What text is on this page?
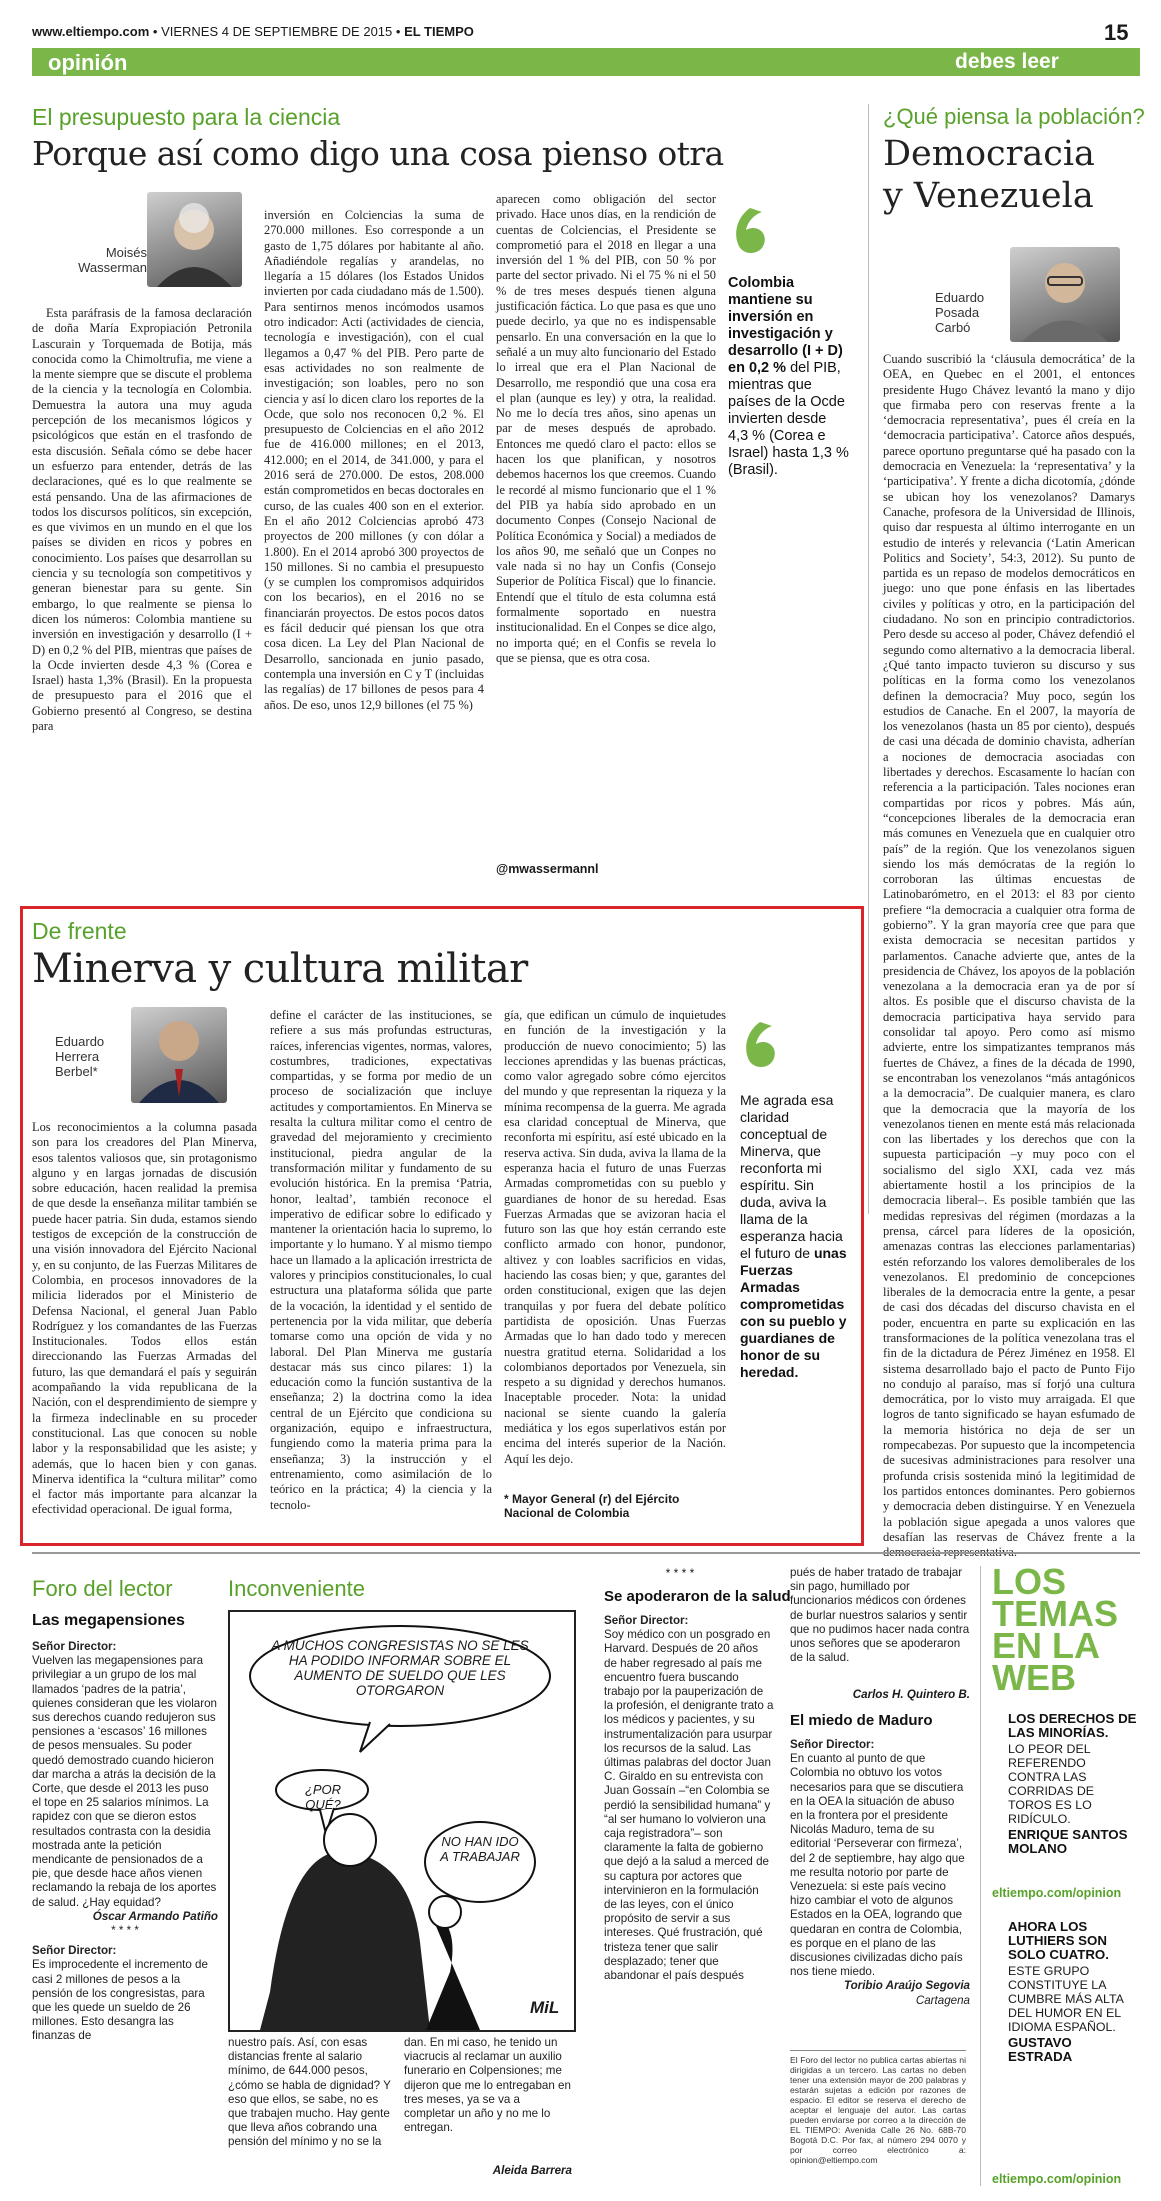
www.eltiempo.com • VIERNES 4 DE SEPTIEMBRE DE 2015 • EL TIEMPO	15
opinión	debes leer
El presupuesto para la ciencia
Porque así como digo una cosa pienso otra
Moisés Wasserman
Esta paráfrasis de la famosa declaración de doña María Expropiación Petronila Lascurain y Torquemada de Botija, más conocida como la Chimoltrufia, me viene a la mente siempre que se discute el problema de la ciencia y la tecnología en Colombia. Demuestra la autora una muy aguda percepción de los mecanismos lógicos y psicológicos que están en el trasfondo de esta discusión. Señala cómo se debe hacer un esfuerzo para entender, detrás de las declaraciones, qué es lo que realmente se está pensando. Una de las afirmaciones de todos los discursos políticos, sin excepción, es que vivimos en un mundo en el que los países se dividen en ricos y pobres en conocimiento. Los países que desarrollan su ciencia y su tecnología son competitivos y generan bienestar para su gente. Sin embargo, lo que realmente se piensa lo dicen los números: Colombia mantiene su inversión en investigación y desarrollo (I + D) en 0,2 % del PIB, mientras que países de la Ocde invierten desde 4,3 % (Corea e Israel) hasta 1,3% (Brasil). En la propuesta de presupuesto para el 2016 que el Gobierno presentó al Congreso, se destina para
inversión en Colciencias la suma de 270.000 millones. Eso corresponde a un gasto de 1,75 dólares por habitante al año. Añadiéndole regalías y arandelas, no llegaría a 15 dólares (los Estados Unidos invierten por cada ciudadano más de 1.500). Para sentirnos menos incómodos usamos otro indicador: Acti (actividades de ciencia, tecnología e investigación), con el cual llegamos a 0,47 % del PIB. Pero parte de esas actividades no son realmente de investigación; son loables, pero no son ciencia y así lo dicen claro los reportes de la Ocde, que solo nos reconocen 0,2 %. El presupuesto de Colciencias en el año 2012 fue de 416.000 millones; en el 2013, 412.000; en el 2014, de 341.000, y para el 2016 será de 270.000. De estos, 208.000 están comprometidos en becas doctorales en curso, de las cuales 400 son en el exterior. En el año 2012 Colciencias aprobó 473 proyectos de 200 millones (y con dólar a 1.800). En el 2014 aprobó 300 proyectos de 150 millones. Si no cambia el presupuesto (y se cumplen los compromisos adquiridos con los becarios), en el 2016 no se financiarán proyectos. De estos pocos datos es fácil deducir qué piensan los que otra cosa dicen. La Ley del Plan Nacional de Desarrollo, sancionada en junio pasado, contempla una inversión en C y T (incluidas las regalías) de 17 billones de pesos para 4 años. De eso, unos 12,9 billones (el 75 %)
aparecen como obligación del sector privado. Hace unos días, en la rendición de cuentas de Colciencias, el Presidente se comprometió para el 2018 en llegar a una inversión del 1 % del PIB, con 50 % por parte del sector privado. Ni el 75 % ni el 50 % de tres meses después tienen alguna justificación fáctica. Lo que pasa es que uno puede decirlo, ya que no es indispensable pensarlo. En una conversación en la que lo señalé a un muy alto funcionario del Estado lo irreal que era el Plan Nacional de Desarrollo, me respondió que una cosa era el plan (aunque es ley) y otra, la realidad. No me lo decía tres años, sino apenas un par de meses después de aprobado. Entonces me quedó claro el pacto: ellos se hacen los que planifican, y nosotros debemos hacernos los que creemos. Cuando le recordé al mismo funcionario que el 1 % del PIB ya había sido aprobado en un documento Conpes (Consejo Nacional de Política Económica y Social) a mediados de los años 90, me señaló que un Conpes no vale nada si no hay un Confis (Consejo Superior de Política Fiscal) que lo financie. Entendí que el título de esta columna está formalmente soportado en nuestra institucionalidad. En el Conpes se dice algo, no importa qué; en el Confis se revela lo que se piensa, que es otra cosa.
@mwassermannl
Colombia mantiene su inversión en investigación y desarrollo (I + D) en 0,2 % del PIB, mientras que países de la Ocde invierten desde 4,3 % (Corea e Israel) hasta 1,3 % (Brasil).
De frente
Minerva y cultura militar
Eduardo Herrera Berbel*
Los reconocimientos a la columna pasada son para los creadores del Plan Minerva, esos talentos valiosos que, sin protagonismo alguno y en largas jornadas de discusión sobre educación, hacen realidad la premisa de que desde la enseñanza militar también se puede hacer patria. Sin duda, estamos siendo testigos de excepción de la construcción de una visión innovadora del Ejército Nacional y, en su conjunto, de las Fuerzas Militares de Colombia, en procesos innovadores de la milicia liderados por el Ministerio de Defensa Nacional, el general Juan Pablo Rodríguez y los comandantes de las Fuerzas Institucionales. Todos ellos están direccionando las Fuerzas Armadas del futuro, las que demandará el país y seguirán acompañando la vida republicana de la Nación, con el desprendimiento de siempre y la firmeza indeclinable en su proceder constitucional. Las que conocen su noble labor y la responsabilidad que les asiste; y además, que lo hacen bien y con ganas. Minerva identifica la “cultura militar” como el factor más importante para alcanzar la efectividad operacional. De igual forma,
define el carácter de las instituciones, se refiere a sus más profundas estructuras, raíces, inferencias vigentes, normas, valores, costumbres, tradiciones, expectativas compartidas, y se forma por medio de un proceso de socialización que incluye actitudes y comportamientos. En Minerva se resalta la cultura militar como el centro de gravedad del mejoramiento y crecimiento institucional, piedra angular de la transformación militar y fundamento de su evolución histórica. En la premisa ‘Patria, honor, lealtad’, también reconoce el imperativo de edificar sobre lo edificado y mantener la orientación hacia lo supremo, lo importante y lo humano. Y al mismo tiempo hace un llamado a la aplicación irrestricta de valores y principios constitucionales, lo cual estructura una plataforma sólida que parte de la vocación, la identidad y el sentido de pertenencia por la vida militar, que debería tomarse como una opción de vida y no laboral. Del Plan Minerva me gustaría destacar más sus cinco pilares: 1) la educación como la función sustantiva de la enseñanza; 2) la doctrina como la idea central de un Ejército que condiciona su organización, equipo e infraestructura, fungiendo como la materia prima para la enseñanza; 3) la instrucción y el entrenamiento, como asimilación de lo teórico en la práctica; 4) la ciencia y la tecnolo-
gía, que edifican un cúmulo de inquietudes en función de la investigación y la producción de nuevo conocimiento; 5) las lecciones aprendidas y las buenas prácticas, como valor agregado sobre cómo ejercitos del mundo y que representan la riqueza y la mínima recompensa de la guerra. Me agrada esa claridad conceptual de Minerva, que reconforta mi espíritu, así esté ubicado en la reserva activa. Sin duda, aviva la llama de la esperanza hacia el futuro de unas Fuerzas Armadas comprometidas con su pueblo y guardianes de honor de su heredad. Esas Fuerzas Armadas que se avizoran hacia el futuro son las que hoy están cerrando este conflicto armado con honor, pundonor, altivez y con loables sacrificios en vidas, haciendo las cosas bien; y que, garantes del orden constitucional, exigen que las dejen tranquilas y por fuera del debate político partidista de oposición. Unas Fuerzas Armadas que lo han dado todo y merecen nuestra gratitud eterna. Solidaridad a los colombianos deportados por Venezuela, sin respeto a su dignidad y derechos humanos. Inaceptable proceder. Nota: la unidad nacional se siente cuando la galería mediática y los egos superlativos están por encima del interés superior de la Nación. Aquí les dejo.
* Mayor General (r) del Ejército Nacional de Colombia
Me agrada esa claridad conceptual de Minerva, que reconforta mi espíritu. Sin duda, aviva la llama de la esperanza hacia el futuro de unas Fuerzas Armadas comprometidas con su pueblo y guardianes de honor de su heredad.
¿Qué piensa la población?
Democracia
y Venezuela
Eduardo Posada Carbó
Cuando suscribió la ‘cláusula democrática’ de la OEA, en Quebec en el 2001, el entonces presidente Hugo Chávez levantó la mano y dijo que firmaba pero con reservas frente a la ‘democracia representativa’, pues él creía en la ‘democracia participativa’. Catorce años después, parece oportuno preguntarse qué ha pasado con la democracia en Venezuela: la ‘representativa’ y la ‘participativa’. Y frente a dicha dicotomía, ¿dónde se ubican hoy los venezolanos? Damarys Canache, profesora de la Universidad de Illinois, quiso dar respuesta al último interrogante en un estudio de interés y relevancia (‘Latin American Politics and Society’, 54:3, 2012). Su punto de partida es un repaso de modelos democráticos en juego: uno que pone énfasis en las libertades civiles y políticas y otro, en la participación del ciudadano. No son en principio contradictorios. Pero desde su acceso al poder, Chávez defendió el segundo como alternativo a la democracia liberal. ¿Qué tanto impacto tuvieron su discurso y sus políticas en la forma como los venezolanos definen la democracia? Muy poco, según los estudios de Canache. En el 2007, la mayoría de los venezolanos (hasta un 85 por ciento), después de casi una década de dominio chavista, adherían a nociones de democracia asociadas con libertades y derechos. Escasamente lo hacían con referencia a la participación. Tales nociones eran compartidas por ricos y pobres. Más aún, “concepciones liberales de la democracia eran más comunes en Venezuela que en cualquier otro país” de la región. Que los venezolanos siguen siendo los más demócratas de la región lo corroboran las últimas encuestas de Latinobarómetro, en el 2013: el 83 por ciento prefiere “la democracia a cualquier otra forma de gobierno”. Y la gran mayoría cree que para que exista democracia se necesitan partidos y parlamentos. Canache advierte que, antes de la presidencia de Chávez, los apoyos de la población venezolana a la democracia eran ya de por sí altos. Es posible que el discurso chavista de la democracia participativa haya servido para consolidar tal apoyo. Pero como así mismo advierte, entre los simpatizantes tempranos más fuertes de Chávez, a fines de la década de 1990, se encontraban los venezolanos “más antagónicos a la democracia”. De cualquier manera, es claro que la democracia que la mayoría de los venezolanos tienen en mente está más relacionada con las libertades y los derechos que con la supuesta participación –y muy poco con el socialismo del siglo XXI, cada vez más abiertamente hostil a los principios de la democracia liberal–. Es posible también que las medidas represivas del régimen (mordazas a la prensa, cárcel para líderes de la oposición, amenazas contras las elecciones parlamentarias) estén reforzando los valores demoliberales de los venezolanos. El predominio de concepciones liberales de la democracia entre la gente, a pesar de casi dos décadas del discurso chavista en el poder, encuentra en parte su explicación en las transformaciones de la política venezolana tras el fin de la dictadura de Pérez Jiménez en 1958. El sistema desarrollado bajo el pacto de Punto Fijo no condujo al paraíso, mas sí forjó una cultura democrática, por lo visto muy arraigada. El que logros de tanto significado se hayan esfumado de la memoria histórica no deja de ser un rompecabezas. Por supuesto que la incompetencia de sucesivas administraciones para resolver una profunda crisis sostenida minó la legitimidad de los partidos entonces dominantes. Pero gobiernos y democracia deben distinguirse. Y en Venezuela la población sigue apegada a unos valores que desafían las reservas de Chávez frente a la
Foro del lector
Las megapensiones

Señor Director:

Vuelven las megapensiones para privilegiar a un grupo de los mal llamados ‘padres de la patria’, quienes consideran que les violaron sus derechos cuando redujeron sus pensiones a ‘escasos’ 16 millones de pesos mensuales. Su poder quedó demostrado cuando hicieron dar marcha a atrás la decisión de la Corte, que desde el 2013 les puso el tope en 25 salarios mínimos. La rapidez con que se dieron estos resultados contrasta con la desidia mostrada ante la petición mendicante de pensionados de a pie, que desde hace años vienen reclamando la rebaja de los aportes de salud. ¿Hay equidad?

Óscar Armando Patiño

* * * *

Señor Director:

Es improcedente el incremento de casi 2 millones de pesos a la pensión de los congresistas, para que les quede un sueldo de 26 millones. Esto desangra las finanzas de

Inconveniente
A MUCHOS CONGRESISTAS NO SE LES HA PODIDO INFORMAR SOBRE EL AUMENTO DE SUELDO QUE LES OTORGARON
¿POR QUÉ?
NO HAN IDO A TRABAJAR
MiL
nuestro país. Así, con esas distancias frente al salario mínimo, de 644.000 pesos, ¿cómo se habla de dignidad? Y eso que ellos, se sabe, no es que trabajen mucho. Hay gente que lleva años cobrando una pensión del mínimo y no se la
dan. En mi caso, he tenido un viacrucis al reclamar un auxilio funerario en Colpensiones; me dijeron que me lo entregaban en tres meses, ya se va a completar un año y no me lo entregan.
Aleida Barrera
* * * *
Se apoderaron de la salud

Señor Director:

Soy médico con un posgrado en Harvard. Después de 20 años de haber regresado al país me encuentro fuera buscando trabajo por la pauperización de la profesión, el denigrante trato a los médicos y pacientes, y su instrumentalización para usurpar los recursos de la salud. Las últimas palabras del doctor Juan C. Giraldo en su entrevista con Juan Gossaín –“en Colombia se perdió la sensibilidad humana” y “al ser humano lo volvieron una caja registradora”– son claramente la falta de gobierno que dejó a la salud a merced de su captura por actores que intervinieron en la formulación de las leyes, con el único propósito de servir a sus intereses. Qué frustración, qué tristeza tener que salir desplazado; tener que abandonar el país después

pués de haber tratado de trabajar sin pago, humillado por funcionarios médicos con órdenes de burlar nuestros salarios y sentir que no pudimos hacer nada contra unos señores que se apoderaron de la salud.
Carlos H. Quintero B.
El miedo de Maduro

Señor Director:

En cuanto al punto de que Colombia no obtuvo los votos necesarios para que se discutiera en la OEA la situación de abuso en la frontera por el presidente Nicolás Maduro, tema de su editorial ‘Perseverar con firmeza’, del 2 de septiembre, hay algo que me resulta notorio por parte de Venezuela: si este país vecino hizo cambiar el voto de algunos Estados en la OEA, logrando que quedaran en contra de Colombia, es porque en el plano de las discusiones civilizadas dicho país nos tiene miedo.

Toribio Araújo Segovia

Cartagena

El Foro del lector no publica cartas abiertas ni dirigidas a un tercero. Las cartas no deben tener una extensión mayor de 200 palabras y estarán sujetas a edición por razones de espacio. El editor se reserva el derecho de aceptar el lenguaje del autor. Las cartas pueden enviarse por correo a la dirección de EL TIEMPO: Avenida Calle 26 No. 68B-70 Bogotá D.C. Por fax, al número 294 0070 y por correo electrónico a: opinion@eltiempo.com
LOS
TEMAS
EN LA
WEB
LOS DERECHOS DE LAS MINORÍAS.
LO PEOR DEL REFERENDO CONTRA LAS CORRIDAS DE TOROS ES LO RIDÍCULO.
ENRIQUE SANTOS MOLANO
eltiempo.com/opinion
AHORA LOS LUTHIERS SON SOLO CUATRO.
ESTE GRUPO CONSTITUYE LA CUMBRE MÁS ALTA DEL HUMOR EN EL IDIOMA ESPAÑOL.
GUSTAVO ESTRADA
eltiempo.com/opinion
